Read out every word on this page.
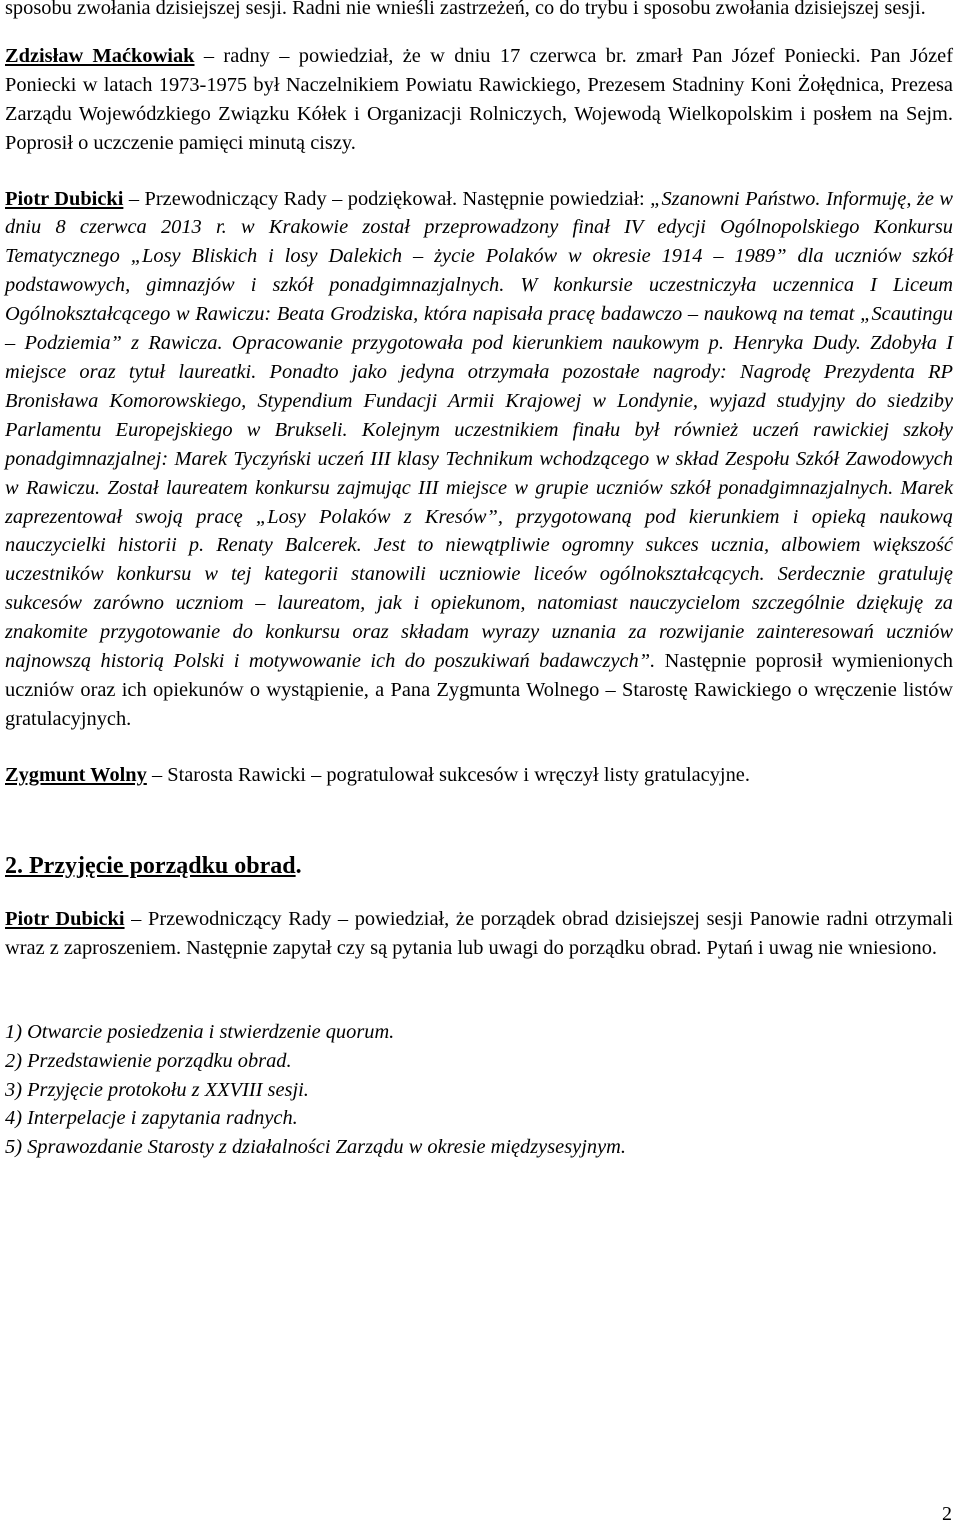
sposobu zwołania dzisiejszej sesji. Radni nie wnieśli zastrzeżeń, co do trybu i sposobu zwołania dzisiejszej sesji.

Zdzisław Maćkowiak – radny – powiedział, że w dniu 17 czerwca br. zmarł Pan Józef Poniecki. Pan Józef Poniecki w latach 1973-1975 był Naczelnikiem Powiatu Rawickiego, Prezesem Stadniny Koni Żołędnica, Prezesa Zarządu Wojewódzkiego Związku Kółek i Organizacji Rolniczych, Wojewodą Wielkopolskim i posłem na Sejm. Poprosił o uczczenie pamięci minutą ciszy.

Piotr Dubicki – Przewodniczący Rady – podziękował. Następnie powiedział: „Szanowni Państwo. Informuję, że w dniu 8 czerwca 2013 r. w Krakowie został przeprowadzony finał IV edycji Ogólnopolskiego Konkursu Tematycznego „Losy Bliskich i losy Dalekich – życie Polaków w okresie 1914 – 1989” dla uczniów szkół podstawowych, gimnazjów i szkół ponadgimnazjalnych. W konkursie uczestniczyła uczennica I Liceum Ogólnokształcącego w Rawiczu: Beata Grodziska, która napisała pracę badawczo – naukową na temat „Scautingu – Podziemia” z Rawicza. Opracowanie przygotowała pod kierunkiem naukowym p. Henryka Dudy. Zdobyła I miejsce oraz tytuł laureatki. Ponadto jako jedyna otrzymała pozostałe nagrody: Nagrodę Prezydenta RP Bronisława Komorowskiego, Stypendium Fundacji Armii Krajowej w Londynie, wyjazd studyjny do siedziby Parlamentu Europejskiego w Brukseli. Kolejnym uczestnikiem finału był również uczeń rawickiej szkoły ponadgimnazjalnej: Marek Tyczyński uczeń III klasy Technikum wchodzącego w skład Zespołu Szkół Zawodowych w Rawiczu. Został laureatem konkursu zajmując III miejsce w grupie uczniów szkół ponadgimnazjalnych. Marek zaprezentował swoją pracę „Losy Polaków z Kresów”, przygotowaną pod kierunkiem i opieką naukową nauczycielki historii p. Renaty Balcerek. Jest to niewątpliwie ogromny sukces ucznia, albowiem większość uczestników konkursu w tej kategorii stanowili uczniowie liceów ogólnokształcących. Serdecznie gratuluję sukcesów zarówno uczniom – laureatom, jak i opiekunom, natomiast nauczycielom szczególnie dziękuję za znakomite przygotowanie do konkursu oraz składam wyrazy uznania za rozwijanie zainteresowań uczniów najnowszą historią Polski i motywowanie ich do poszukiwań badawczych”. Następnie poprosił wymienionych uczniów oraz ich opiekunów o wystąpienie, a Pana Zygmunta Wolnego – Starostę Rawickiego o wręczenie listów gratulacyjnych.

Zygmunt Wolny – Starosta Rawicki – pogratulował sukcesów i wręczył listy gratulacyjne.

2. Przyjęcie porządku obrad.

Piotr Dubicki – Przewodniczący Rady – powiedział, że porządek obrad dzisiejszej sesji Panowie radni otrzymali wraz z zaproszeniem. Następnie zapytał czy są pytania lub uwagi do porządku obrad. Pytań i uwag nie wniesiono.

1) Otwarcie posiedzenia i stwierdzenie quorum.
2) Przedstawienie porządku obrad.
3) Przyjęcie protokołu z XXVIII sesji.
4) Interpelacje i zapytania radnych.
5) Sprawozdanie Starosty z działalności Zarządu w okresie międzysesyjnym.
2
